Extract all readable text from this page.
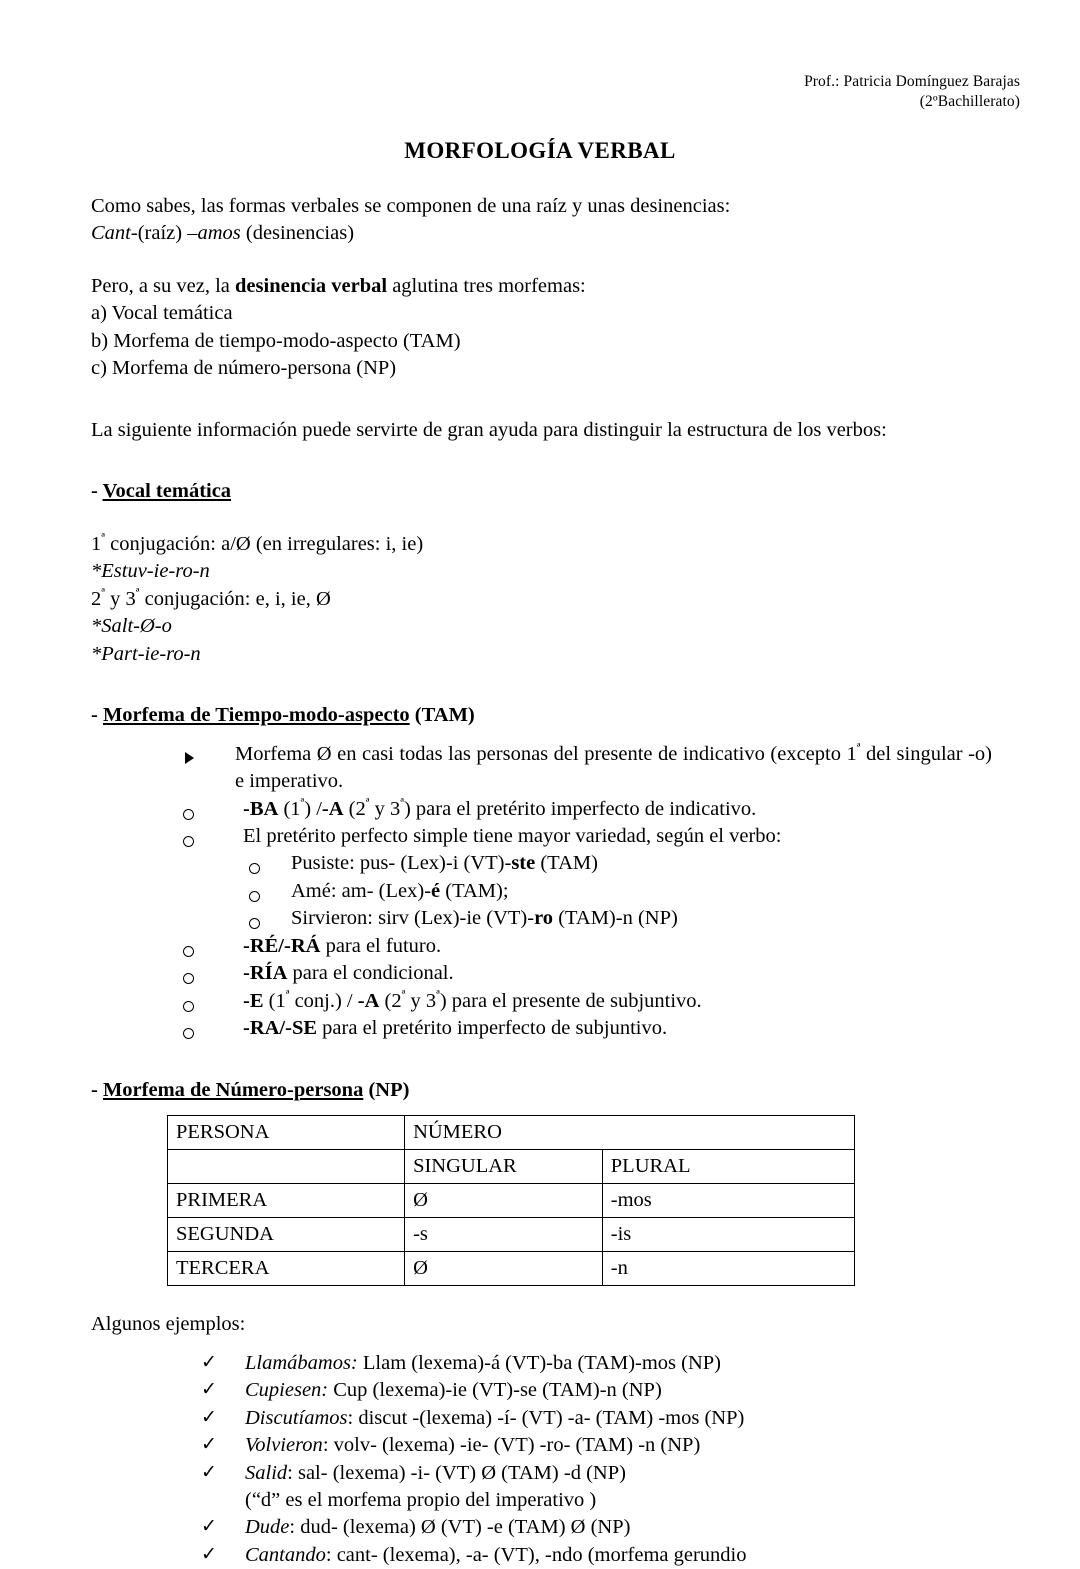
Prof.: Patricia Domínguez Barajas
(2ºBachillerato)
MORFOLOGÍA VERBAL

Como sabes, las formas verbales se componen de una raíz y unas desinencias:

Cant-(raíz) –amos (desinencias)

Pero, a su vez, la desinencia verbal aglutina tres morfemas:

a) Vocal temática

b) Morfema de tiempo-modo-aspecto (TAM)

c) Morfema de número-persona (NP)

La siguiente información puede servirte de gran ayuda para distinguir la estructura de los verbos:

- Vocal temática

$1^ª$ conjugación: a/Ø (en irregulares: i, ie)

*Estuv-ie-ro-n

$2^ª$ y $3^ª$ conjugación: e, i, ie, Ø

*Salt-Ø-o

*Part-ie-ro-n

- Morfema de Tiempo-modo-aspecto (TAM)

Morfema Ø en casi todas las personas del presente de indicativo (excepto $1^ª$ del singular -o) e imperativo.
-BA $(1^ª)$ /-A ($2^ª$ y $3^ª$) para el pretérito imperfecto de indicativo.
El pretérito perfecto simple tiene mayor variedad, según el verbo:
Pusiste: pus- (Lex)-i (VT)-ste (TAM)
Amé: am- (Lex)-é (TAM);
Sirvieron: sirv (Lex)-ie (VT)-ro (TAM)-n (NP)
-RÉ/-RÁ para el futuro.
-RÍA para el condicional.
-E ($1^ª$ conj.) / -A ($2^ª$ y $3^ª$) para el presente de subjuntivo.
-RA/-SE para el pretérito imperfecto de subjuntivo.

- Morfema de Número-persona (NP)

PERSONA	NÚMERO	
	SINGULAR	PLURAL
PRIMERA	Ø	-mos
SEGUNDA	-s	-is
TERCERA	Ø	-n

Algunos ejemplos:

✓	Llamábamos: Llam (lexema)-á (VT)-ba (TAM)-mos (NP)
✓	Cupiesen: Cup (lexema)-ie (VT)-se (TAM)-n (NP)
✓	Discutíamos: discut -(lexema) -í- (VT) -a- (TAM) -mos (NP)
✓	Volvieron: volv- (lexema) -ie- (VT) -ro- (TAM) -n (NP)
✓	Salid: sal- (lexema) -i- (VT) Ø (TAM) -d (NP)

(“d” es el morfema propio del imperativo )

✓	Dude: dud- (lexema) Ø (VT) -e (TAM) Ø (NP)
✓	Cantando: cant- (lexema), -a- (VT), -ndo (morfema gerundio
